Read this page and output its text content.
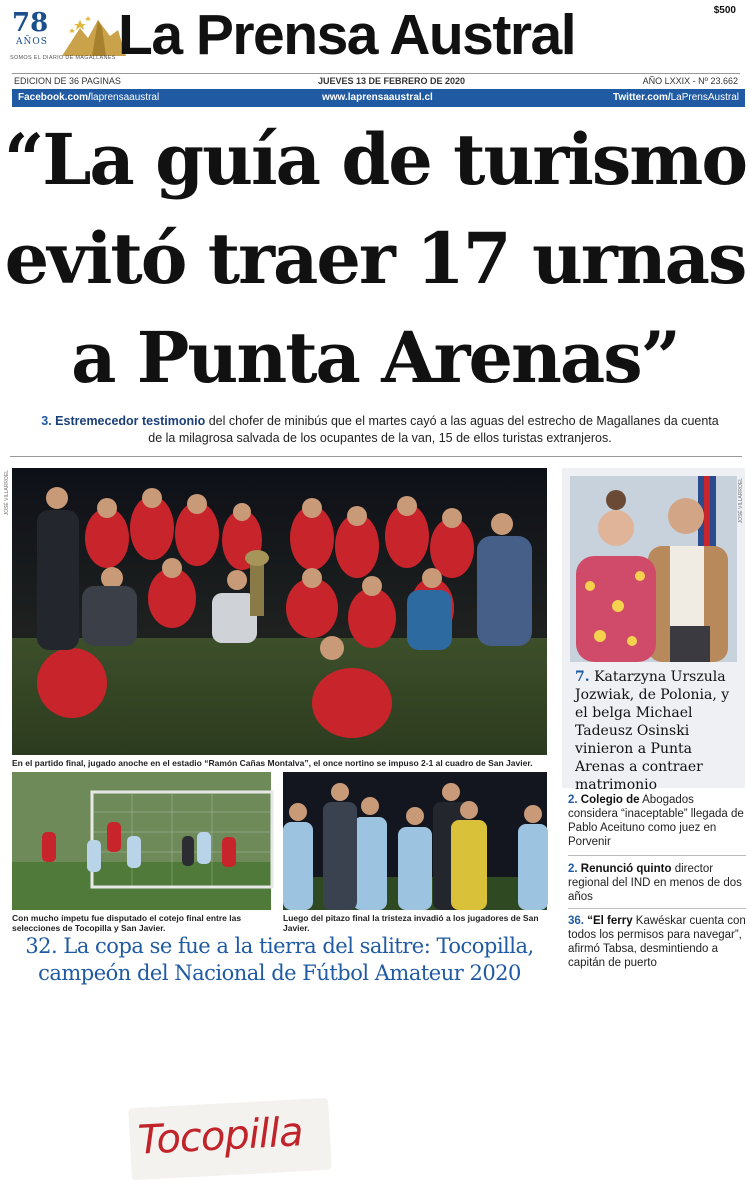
78
AÑOS
SOMOS EL DIARIO DE MAGALLANES La Prensa Austral	$500
EDICION DE 36 PAGINAS	JUEVES 13 DE FEBRERO DE 2020	AÑO LXXIX - Nº 23.662
Facebook.com/laprensaaustral	www.laprensaaustral.cl	Twitter.com/LaPrensAustral
“La guía de turismo
evitó traer 17 urnas
a Punta Arenas”
3. Estremecedor testimonio del chofer de minibús que el martes cayó a las aguas del estrecho de Magallanes da cuenta de la milagrosa salvada de los ocupantes de la van, 15 de ellos turistas extranjeros.
Tocopilla
JOSÉ VILLARROEL
En el partido final, jugado anoche en el estadio “Ramón Cañas Montalva”, el once nortino se impuso 2-1 al cuadro de San Javier.
Con mucho ímpetu fue disputado el cotejo final entre las selecciones de Tocopilla y San Javier.
Luego del pitazo final la tristeza invadió a los jugadores de San Javier.
32. La copa se fue a la tierra del salitre: Tocopilla, campeón del Nacional de Fútbol Amateur 2020
JOSÉ VILLARROEL
7. Katarzyna Urszula Jozwiak, de Polonia, y el belga Michael Tadeusz Osinski vinieron a Punta Arenas a contraer matrimonio
2. Colegio de Abogados considera “inaceptable” llegada de Pablo Aceituno como juez en Porvenir
2. Renunció quinto director regional del IND en menos de dos años
36. “El ferry Kawéskar cuenta con todos los permisos para navegar”, afirmó Tabsa, desmintiendo a capitán de puerto
